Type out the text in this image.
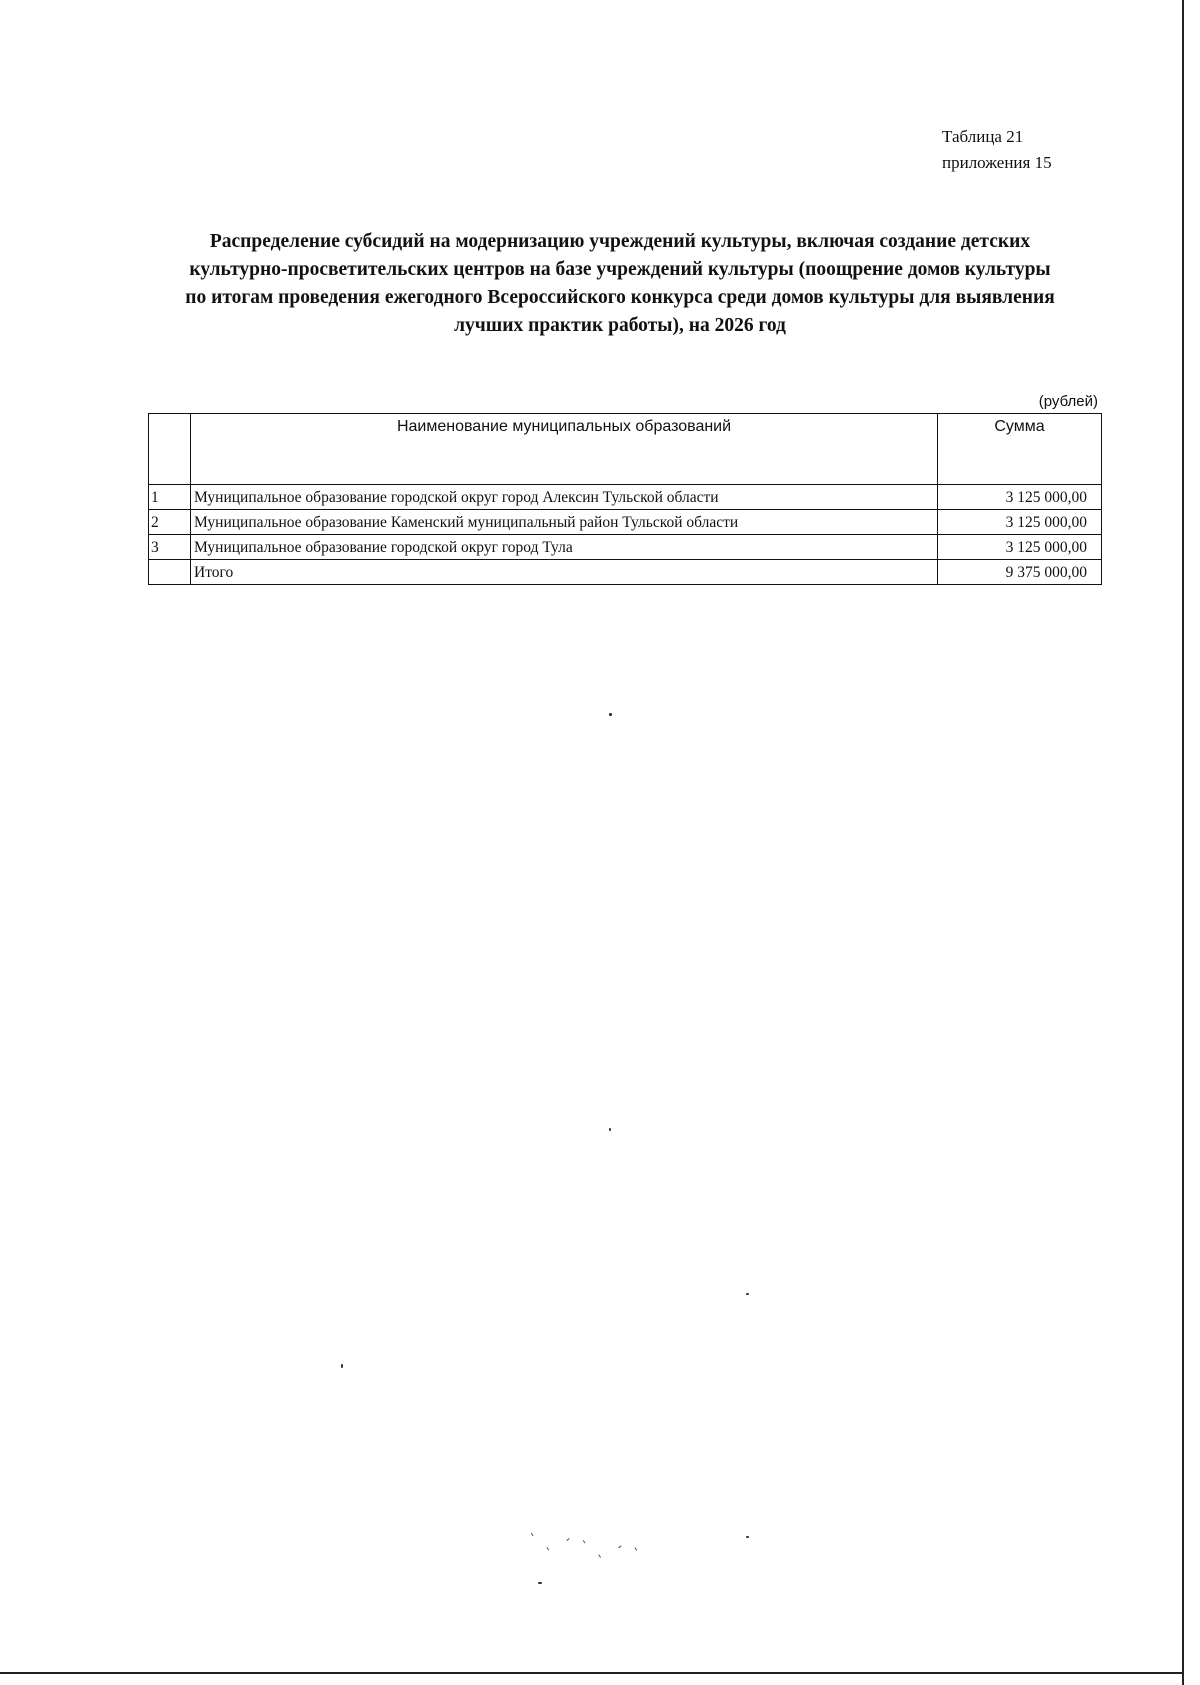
Таблица 21
приложения 15
Распределение субсидий на модернизацию учреждений культуры, включая создание детских
культурно-просветительских центров на базе учреждений культуры (поощрение домов культуры
по итогам проведения ежегодного Всероссийского конкурса среди домов культуры для выявления
лучших практик работы), на 2026 год
(рублей)
	Наименование муниципальных образований	Сумма
1	Муниципальное образование городской округ город Алексин Тульской области	3 125 000,00
2	Муниципальное образование Каменский муниципальный район Тульской области	3 125 000,00
3	Муниципальное образование городской округ город Тула	3 125 000,00
	Итого	9 375 000,00
ˋ ˎ ˊ ˋ ˎ ˊ ˋ
